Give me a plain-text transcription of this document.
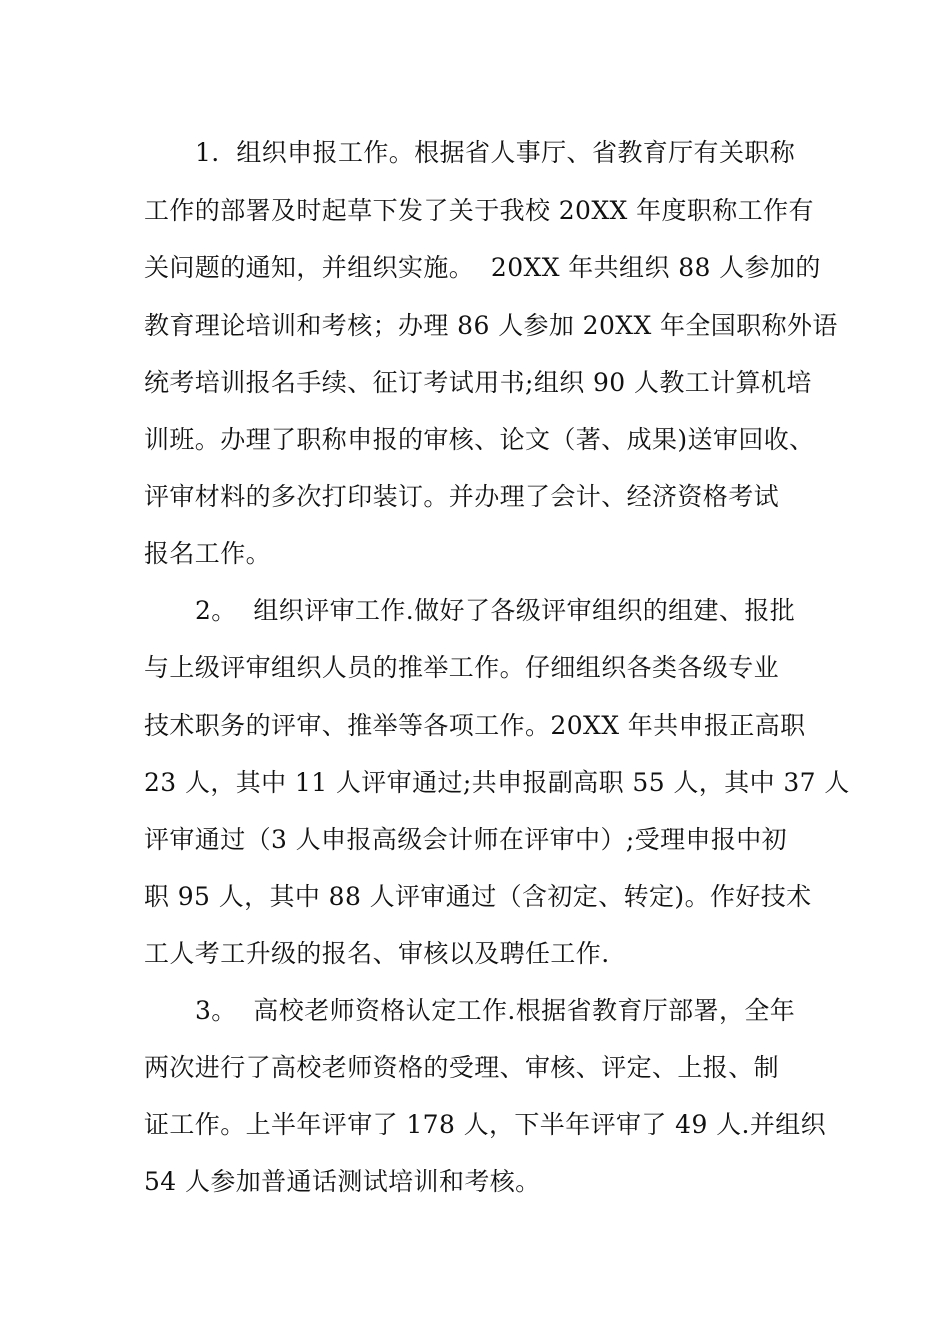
1.  组织申报工作。根据省人事厅、省教育厅有关职称
工作的部署及时起草下发了关于我校 20XX 年度职称工作有
关问题的通知，并组织实施。  20XX 年共组织 88 人参加的
教育理论培训和考核；办理 86 人参加 20XX 年全国职称外语
统考培训报名手续、征订考试用书;组织 90 人教工计算机培
训班。办理了职称申报的审核、论文（著、成果)送审回收、
评审材料的多次打印装订。并办理了会计、经济资格考试
报名工作。
2。  组织评审工作.做好了各级评审组织的组建、报批
与上级评审组织人员的推举工作。仔细组织各类各级专业
技术职务的评审、推举等各项工作。20XX 年共申报正高职
23 人，其中 11 人评审通过;共申报副高职 55 人，其中 37 人
评审通过（3 人申报高级会计师在评审中）;受理申报中初
职 95 人，其中 88 人评审通过（含初定、转定)。作好技术
工人考工升级的报名、审核以及聘任工作.
3。  高校老师资格认定工作.根据省教育厅部署，全年
两次进行了高校老师资格的受理、审核、评定、上报、制
证工作。上半年评审了 178 人，下半年评审了 49 人.并组织
54 人参加普通话测试培训和考核。
